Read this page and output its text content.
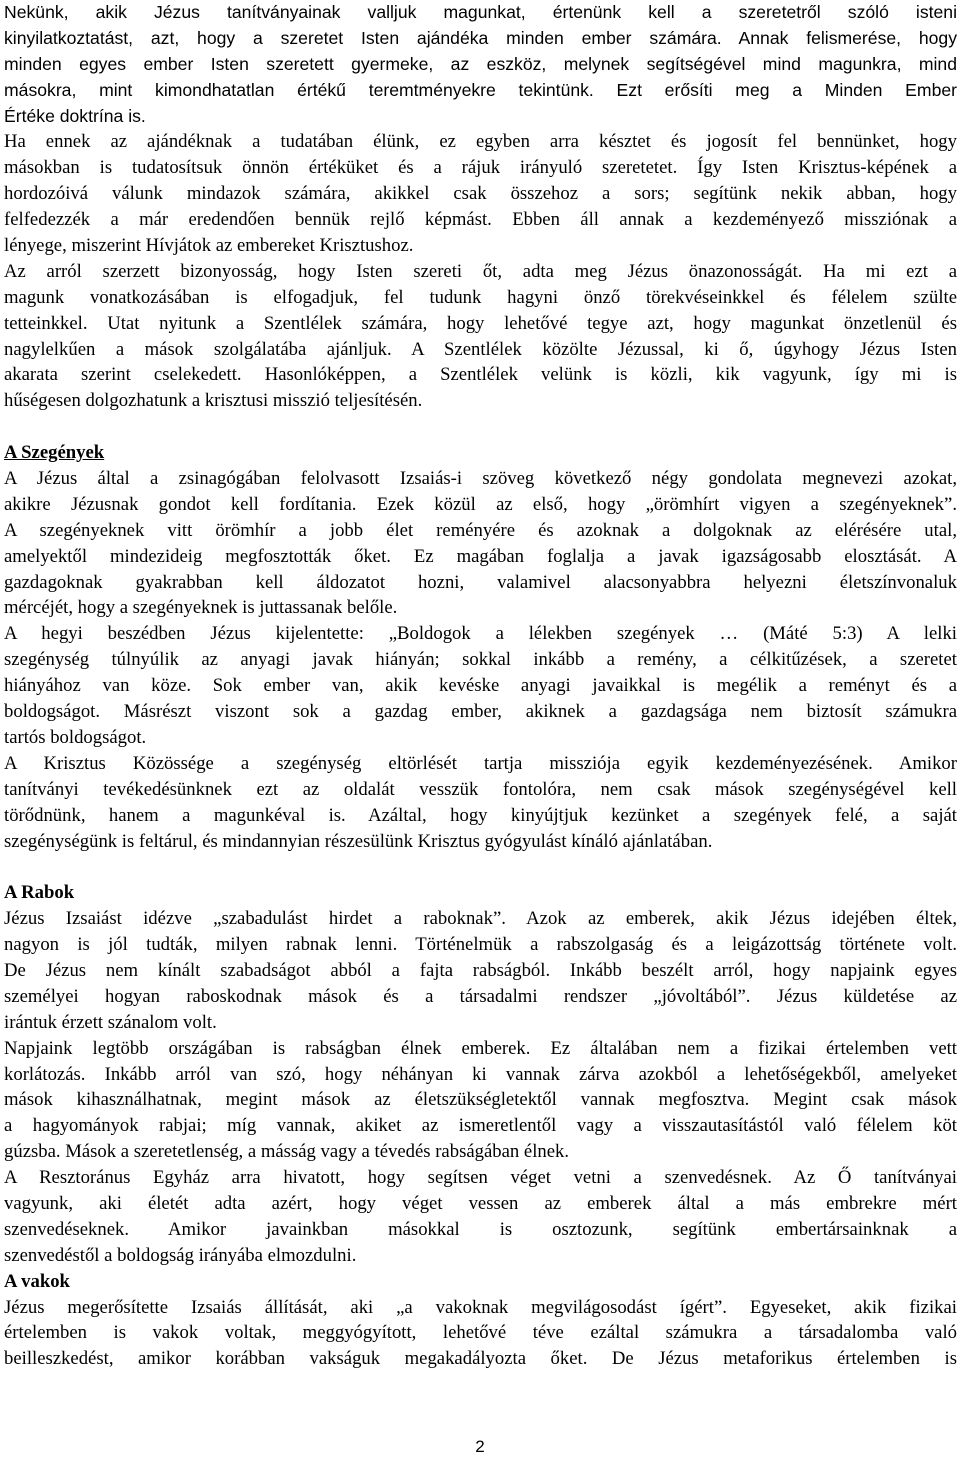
Nekünk, akik Jézus tanítványainak valljuk magunkat, értenünk kell a szeretetről szóló isteni
kinyilatkoztatást, azt, hogy a szeretet Isten ajándéka minden ember számára. Annak felismerése, hogy
minden egyes ember Isten szeretett gyermeke, az eszköz, melynek segítségével mind magunkra, mind
másokra, mint kimondhatatlan értékű teremtményekre tekintünk. Ezt erősíti meg a Minden Ember
Értéke doktrína is.
Ha ennek az ajándéknak a tudatában élünk, ez egyben arra késztet és jogosít fel bennünket, hogy
másokban is tudatosítsuk önnön értéküket és a rájuk irányuló szeretetet. Így Isten Krisztus-képének a
hordozóivá válunk mindazok számára, akikkel csak összehoz a sors; segítünk nekik abban, hogy
felfedezzék a már eredendően bennük rejlő képmást. Ebben áll annak a kezdeményező missziónak a
lényege, miszerint Hívjátok az embereket Krisztushoz.
Az arról szerzett bizonyosság, hogy Isten szereti őt, adta meg Jézus önazonosságát. Ha mi ezt a
magunk vonatkozásában is elfogadjuk, fel tudunk hagyni önző törekvéseinkkel és félelem szülte
tetteinkkel. Utat nyitunk a Szentlélek számára, hogy lehetővé tegye azt, hogy magunkat önzetlenül és
nagylelkűen a mások szolgálatába ajánljuk. A Szentlélek közölte Jézussal, ki ő, úgyhogy Jézus Isten
akarata szerint cselekedett. Hasonlóképpen, a Szentlélek velünk is közli, kik vagyunk, így mi is
hűségesen dolgozhatunk a krisztusi misszió teljesítésén.
A Szegények
A Jézus által a zsinagógában felolvasott Izsaiás-i szöveg következő négy gondolata megnevezi azokat,
akikre Jézusnak gondot kell fordítania. Ezek közül az első, hogy „örömhírt vigyen a szegényeknek”.
A szegényeknek vitt örömhír a jobb élet reményére és azoknak a dolgoknak az elérésére utal,
amelyektől mindezideig megfosztották őket. Ez magában foglalja a javak igazságosabb elosztását. A
gazdagoknak gyakrabban kell áldozatot hozni, valamivel alacsonyabbra helyezni életszínvonaluk
mércéjét, hogy a szegényeknek is juttassanak belőle.
A hegyi beszédben Jézus kijelentette: „Boldogok a lélekben szegények … (Máté 5:3) A lelki
szegénység túlnyúlik az anyagi javak hiányán; sokkal inkább a remény, a célkitűzések, a szeretet
hiányához van köze. Sok ember van, akik kevéske anyagi javaikkal is megélik a reményt és a
boldogságot. Másrészt viszont sok a gazdag ember, akiknek a gazdagsága nem biztosít számukra
tartós boldogságot.
A Krisztus Közössége a szegénység eltörlését tartja missziója egyik kezdeményezésének. Amikor
tanítványi tevékedésünknek ezt az oldalát vesszük fontolóra, nem csak mások szegénységével kell
törődnünk, hanem a magunkéval is. Azáltal, hogy kinyújtjuk kezünket a szegények felé, a saját
szegénységünk is feltárul, és mindannyian részesülünk Krisztus gyógyulást kínáló ajánlatában.
A Rabok
Jézus Izsaiást idézve „szabadulást hirdet a raboknak”. Azok az emberek, akik Jézus idejében éltek,
nagyon is jól tudták, milyen rabnak lenni. Történelmük a rabszolgaság és a leigázottság története volt.
De Jézus nem kínált szabadságot abból a fajta rabságból. Inkább beszélt arról, hogy napjaink egyes
személyei hogyan raboskodnak mások és a társadalmi rendszer „jóvoltából”. Jézus küldetése az
irántuk érzett szánalom volt.
Napjaink legtöbb országában is rabságban élnek emberek. Ez általában nem a fizikai értelemben vett
korlátozás. Inkább arról van szó, hogy néhányan ki vannak zárva azokból a lehetőségekből, amelyeket
mások kihasználhatnak, megint mások az életszükségletektől vannak megfosztva. Megint csak mások
a hagyományok rabjai; míg vannak, akiket az ismeretlentől vagy a visszautasítástól való félelem köt
gúzsba. Mások a szeretetlenség, a másság vagy a tévedés rabságában élnek.
A Resztoránus Egyház arra hivatott, hogy segítsen véget vetni a szenvedésnek. Az Ő tanítványai
vagyunk, aki életét adta azért, hogy véget vessen az emberek által a más embrekre mért
szenvedéseknek. Amikor javainkban másokkal is osztozunk, segítünk embertársainknak a
szenvedéstől a boldogság irányába elmozdulni.
A vakok
Jézus megerősítette Izsaiás állítását, aki „a vakoknak megvilágosodást ígért”. Egyeseket, akik fizikai
értelemben is vakok voltak, meggyógyított, lehetővé téve ezáltal számukra a társadalomba való
beilleszkedést, amikor korábban vakságuk megakadályozta őket. De Jézus metaforikus értelemben is
2
